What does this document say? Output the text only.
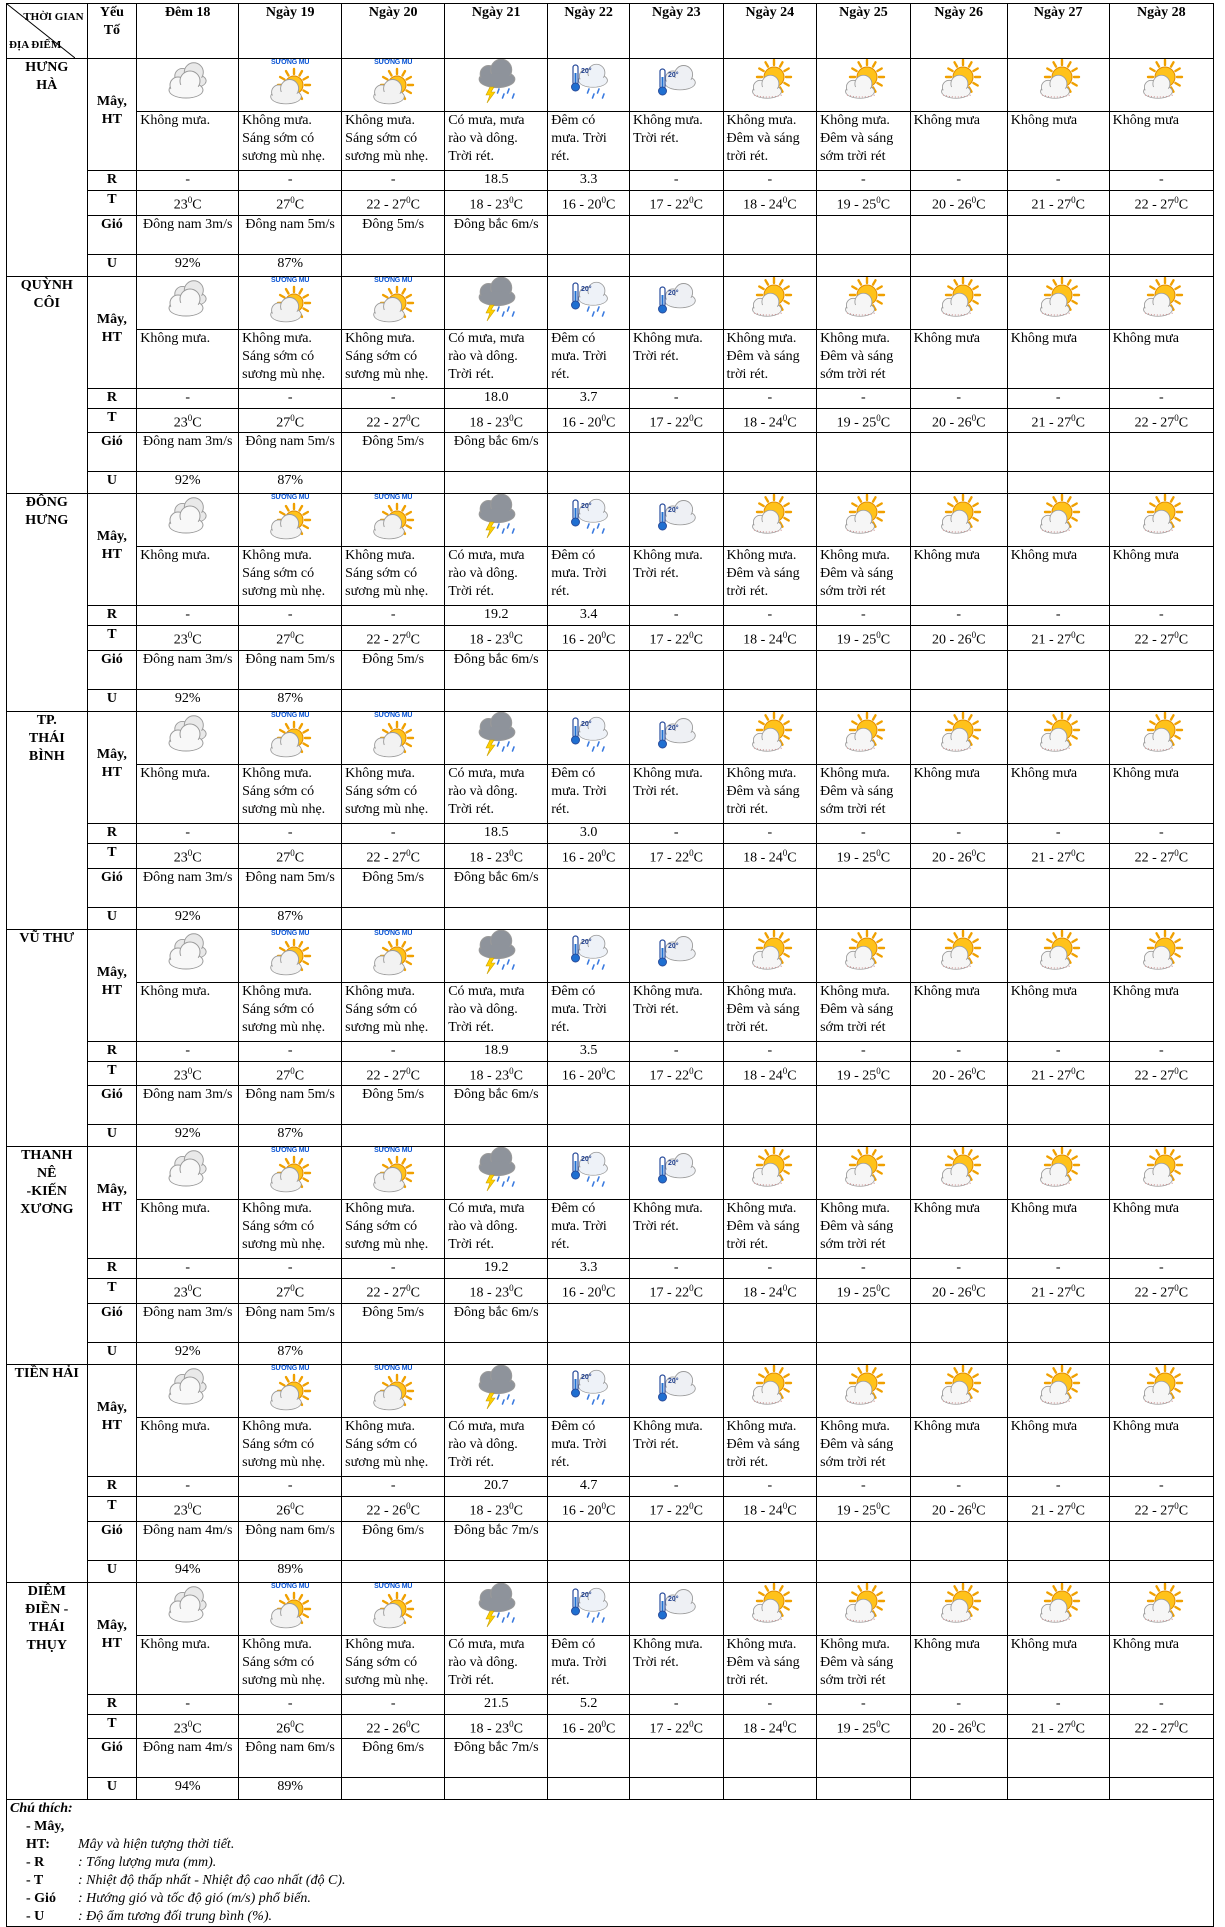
THỜI GIAN
ĐỊA ĐIỂM	Yếu
Tố	Đêm 18	Ngày 19	Ngày 20	Ngày 21	Ngày 22	Ngày 23	Ngày 24	Ngày 25	Ngày 26	Ngày 27	Ngày 28
HƯNG
HÀ	Mây,
HT		SƯƠNG MÙ	SƯƠNG MÙ		20°	20°

		Không mưa.	Không mưa. Sáng sớm có sương mù nhẹ.	Không mưa. Sáng sớm có sương mù nhẹ.	Có mưa, mưa rào và dông. Trời rét.	Đêm có mưa. Trời rét.	Không mưa. Trời rét.	Không mưa. Đêm và sáng trời rét.	Không mưa. Đêm và sáng sớm trời rét	Không mưa	Không mưa	Không mưa
	R	-	-	-	18.5	3.3	-	-	-	-	-	-
	T	$23^0C$	$27^0C$	$22 - 27^0C$	$18 - 23^0C$	$16 - 20^0C$	$17 - 22^0C$	$18 - 24^0C$	$19 - 25^0C$	$20 - 26^0C$	$21 - 27^0C$	$22 - 27^0C$
	Gió	Đông nam 3m/s	Đông nam 5m/s	Đông 5m/s	Đông bắc 6m/s							
	U	92%	87%									
QUỲNH
CÔI	Mây,
HT		SƯƠNG MÙ	SƯƠNG MÙ		20°	20°

		Không mưa.	Không mưa. Sáng sớm có sương mù nhẹ.	Không mưa. Sáng sớm có sương mù nhẹ.	Có mưa, mưa rào và dông. Trời rét.	Đêm có mưa. Trời rét.	Không mưa. Trời rét.	Không mưa. Đêm và sáng trời rét.	Không mưa. Đêm và sáng sớm trời rét	Không mưa	Không mưa	Không mưa
	R	-	-	-	18.0	3.7	-	-	-	-	-	-
	T	$23^0C$	$27^0C$	$22 - 27^0C$	$18 - 23^0C$	$16 - 20^0C$	$17 - 22^0C$	$18 - 24^0C$	$19 - 25^0C$	$20 - 26^0C$	$21 - 27^0C$	$22 - 27^0C$
	Gió	Đông nam 3m/s	Đông nam 5m/s	Đông 5m/s	Đông bắc 6m/s							
	U	92%	87%									
ĐÔNG
HƯNG	Mây,
HT		SƯƠNG MÙ	SƯƠNG MÙ		20°	20°

		Không mưa.	Không mưa. Sáng sớm có sương mù nhẹ.	Không mưa. Sáng sớm có sương mù nhẹ.	Có mưa, mưa rào và dông. Trời rét.	Đêm có mưa. Trời rét.	Không mưa. Trời rét.	Không mưa. Đêm và sáng trời rét.	Không mưa. Đêm và sáng sớm trời rét	Không mưa	Không mưa	Không mưa
	R	-	-	-	19.2	3.4	-	-	-	-	-	-
	T	$23^0C$	$27^0C$	$22 - 27^0C$	$18 - 23^0C$	$16 - 20^0C$	$17 - 22^0C$	$18 - 24^0C$	$19 - 25^0C$	$20 - 26^0C$	$21 - 27^0C$	$22 - 27^0C$
	Gió	Đông nam 3m/s	Đông nam 5m/s	Đông 5m/s	Đông bắc 6m/s							
	U	92%	87%									
TP.
THÁI
BÌNH	Mây,
HT		SƯƠNG MÙ	SƯƠNG MÙ		20°	20°

		Không mưa.	Không mưa. Sáng sớm có sương mù nhẹ.	Không mưa. Sáng sớm có sương mù nhẹ.	Có mưa, mưa rào và dông. Trời rét.	Đêm có mưa. Trời rét.	Không mưa. Trời rét.	Không mưa. Đêm và sáng trời rét.	Không mưa. Đêm và sáng sớm trời rét	Không mưa	Không mưa	Không mưa
	R	-	-	-	18.5	3.0	-	-	-	-	-	-
	T	$23^0C$	$27^0C$	$22 - 27^0C$	$18 - 23^0C$	$16 - 20^0C$	$17 - 22^0C$	$18 - 24^0C$	$19 - 25^0C$	$20 - 26^0C$	$21 - 27^0C$	$22 - 27^0C$
	Gió	Đông nam 3m/s	Đông nam 5m/s	Đông 5m/s	Đông bắc 6m/s							
	U	92%	87%									
VŨ THƯ	Mây,
HT		SƯƠNG MÙ	SƯƠNG MÙ		20°	20°

		Không mưa.	Không mưa. Sáng sớm có sương mù nhẹ.	Không mưa. Sáng sớm có sương mù nhẹ.	Có mưa, mưa rào và dông. Trời rét.	Đêm có mưa. Trời rét.	Không mưa. Trời rét.	Không mưa. Đêm và sáng trời rét.	Không mưa. Đêm và sáng sớm trời rét	Không mưa	Không mưa	Không mưa
	R	-	-	-	18.9	3.5	-	-	-	-	-	-
	T	$23^0C$	$27^0C$	$22 - 27^0C$	$18 - 23^0C$	$16 - 20^0C$	$17 - 22^0C$	$18 - 24^0C$	$19 - 25^0C$	$20 - 26^0C$	$21 - 27^0C$	$22 - 27^0C$
	Gió	Đông nam 3m/s	Đông nam 5m/s	Đông 5m/s	Đông bắc 6m/s							
	U	92%	87%									
THANH NÊ
-KIẾN
XƯƠNG	Mây,
HT		SƯƠNG MÙ	SƯƠNG MÙ		20°	20°

		Không mưa.	Không mưa. Sáng sớm có sương mù nhẹ.	Không mưa. Sáng sớm có sương mù nhẹ.	Có mưa, mưa rào và dông. Trời rét.	Đêm có mưa. Trời rét.	Không mưa. Trời rét.	Không mưa. Đêm và sáng trời rét.	Không mưa. Đêm và sáng sớm trời rét	Không mưa	Không mưa	Không mưa
	R	-	-	-	19.2	3.3	-	-	-	-	-	-
	T	$23^0C$	$27^0C$	$22 - 27^0C$	$18 - 23^0C$	$16 - 20^0C$	$17 - 22^0C$	$18 - 24^0C$	$19 - 25^0C$	$20 - 26^0C$	$21 - 27^0C$	$22 - 27^0C$
	Gió	Đông nam 3m/s	Đông nam 5m/s	Đông 5m/s	Đông bắc 6m/s							
	U	92%	87%									
TIỀN HẢI	Mây,
HT		SƯƠNG MÙ	SƯƠNG MÙ		20°	20°

		Không mưa.	Không mưa. Sáng sớm có sương mù nhẹ.	Không mưa. Sáng sớm có sương mù nhẹ.	Có mưa, mưa rào và dông. Trời rét.	Đêm có mưa. Trời rét.	Không mưa. Trời rét.	Không mưa. Đêm và sáng trời rét.	Không mưa. Đêm và sáng sớm trời rét	Không mưa	Không mưa	Không mưa
	R	-	-	-	20.7	4.7	-	-	-	-	-	-
	T	$23^0C$	$26^0C$	$22 - 26^0C$	$18 - 23^0C$	$16 - 20^0C$	$17 - 22^0C$	$18 - 24^0C$	$19 - 25^0C$	$20 - 26^0C$	$21 - 27^0C$	$22 - 27^0C$
	Gió	Đông nam 4m/s	Đông nam 6m/s	Đông 6m/s	Đông bắc 7m/s							
	U	94%	89%									
DIÊM
ĐIỀN -
THÁI
THỤY	Mây,
HT		SƯƠNG MÙ	SƯƠNG MÙ		20°	20°

		Không mưa.	Không mưa. Sáng sớm có sương mù nhẹ.	Không mưa. Sáng sớm có sương mù nhẹ.	Có mưa, mưa rào và dông. Trời rét.	Đêm có mưa. Trời rét.	Không mưa. Trời rét.	Không mưa. Đêm và sáng trời rét.	Không mưa. Đêm và sáng sớm trời rét	Không mưa	Không mưa	Không mưa
	R	-	-	-	21.5	5.2	-	-	-	-	-	-
	T	$23^0C$	$26^0C$	$22 - 26^0C$	$18 - 23^0C$	$16 - 20^0C$	$17 - 22^0C$	$18 - 24^0C$	$19 - 25^0C$	$20 - 26^0C$	$21 - 27^0C$	$22 - 27^0C$
	Gió	Đông nam 4m/s	Đông nam 6m/s	Đông 6m/s	Đông bắc 7m/s							
	U	94%	89%									
Chú thích:
- Mây, HT: Mây và hiện tượng thời tiết.
- R : Tổng lượng mưa (mm).
- T : Nhiệt độ thấp nhất - Nhiệt độ cao nhất (độ C).
- Gió : Hướng gió và tốc độ gió (m/s) phổ biến.
- U : Độ ẩm tương đối trung bình (%).
